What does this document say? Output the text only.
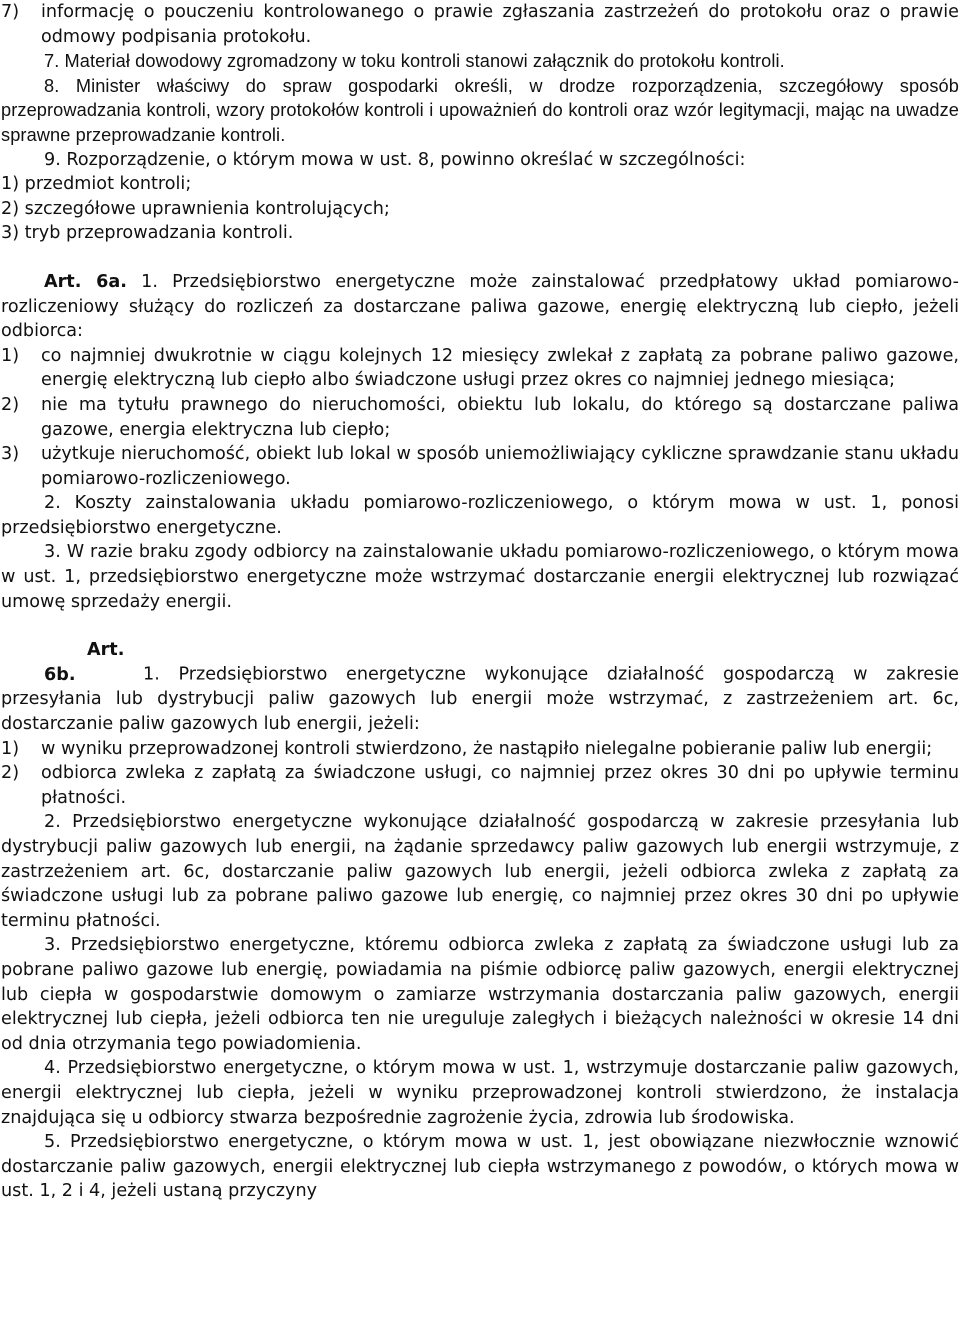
7)	informację o pouczeniu kontrolowanego o prawie zgłaszania zastrzeżeń do protokołu oraz o prawie odmowy podpisania protokołu.

7. Materiał dowodowy zgromadzony w toku kontroli stanowi załącznik do protokołu kontroli.

8. Minister właściwy do spraw gospodarki określi, w drodze rozporządzenia, szczegółowy sposób przeprowadzania kontroli, wzory protokołów kontroli i upoważnień do kontroli oraz wzór legitymacji, mając na uwadze sprawne przeprowadzanie kontroli.

9. Rozporządzenie, o którym mowa w ust. 8, powinno określać w szczególności:

1) przedmiot kontroli;

2) szczegółowe uprawnienia kontrolujących;

3) tryb przeprowadzania kontroli.

Art. 6a. 1. Przedsiębiorstwo energetyczne może zainstalować przedpłatowy układ pomiarowo-rozliczeniowy służący do rozliczeń za dostarczane paliwa gazowe, energię elektryczną lub ciepło, jeżeli odbiorca:

1)	co najmniej dwukrotnie w ciągu kolejnych 12 miesięcy zwlekał z zapłatą za pobrane paliwo gazowe, energię elektryczną lub ciepło albo świadczone usługi przez okres co najmniej jednego miesiąca;
2)	nie ma tytułu prawnego do nieruchomości, obiektu lub lokalu, do którego są dostarczane paliwa gazowe, energia elektryczna lub ciepło;
3)	użytkuje nieruchomość, obiekt lub lokal w sposób uniemożliwiający cykliczne sprawdzanie stanu układu pomiarowo-rozliczeniowego.

2. Koszty zainstalowania układu pomiarowo-rozliczeniowego, o którym mowa w ust. 1, ponosi przedsiębiorstwo energetyczne.

3. W razie braku zgody odbiorcy na zainstalowanie układu pomiarowo-rozliczeniowego, o którym mowa w ust. 1, przedsiębiorstwo energetyczne może wstrzymać dostarczanie energii elektrycznej lub rozwiązać umowę sprzedaży energii.

Art. 6b.	1. Przedsiębiorstwo energetyczne wykonujące działalność gospodarczą w zakresie przesyłania lub dystrybucji paliw gazowych lub energii może wstrzymać, z zastrzeżeniem art. 6c, dostarczanie paliw gazowych lub energii, jeżeli:

1)	w wyniku przeprowadzonej kontroli stwierdzono, że nastąpiło nielegalne pobieranie paliw lub energii;
2)	odbiorca zwleka z zapłatą za świadczone usługi, co najmniej przez okres 30 dni po upływie terminu płatności.

2. Przedsiębiorstwo energetyczne wykonujące działalność gospodarczą w zakresie przesyłania lub dystrybucji paliw gazowych lub energii, na żądanie sprzedawcy paliw gazowych lub energii wstrzymuje, z zastrzeżeniem art. 6c, dostarczanie paliw gazowych lub energii, jeżeli odbiorca zwleka z zapłatą za świadczone usługi lub za pobrane paliwo gazowe lub energię, co najmniej przez okres 30 dni po upływie terminu płatności.

3. Przedsiębiorstwo energetyczne, któremu odbiorca zwleka z zapłatą za świadczone usługi lub za pobrane paliwo gazowe lub energię, powiadamia na piśmie odbiorcę paliw gazowych, energii elektrycznej lub ciepła w gospodarstwie domowym o zamiarze wstrzymania dostarczania paliw gazowych, energii elektrycznej lub ciepła, jeżeli odbiorca ten nie ureguluje zaległych i bieżących należności w okresie 14 dni od dnia otrzymania tego powiadomienia.

4. Przedsiębiorstwo energetyczne, o którym mowa w ust. 1, wstrzymuje dostarczanie paliw gazowych, energii elektrycznej lub ciepła, jeżeli w wyniku przeprowadzonej kontroli stwierdzono, że instalacja znajdująca się u odbiorcy stwarza bezpośrednie zagrożenie życia, zdrowia lub środowiska.

5. Przedsiębiorstwo energetyczne, o którym mowa w ust. 1, jest obowiązane niezwłocznie wznowić dostarczanie paliw gazowych, energii elektrycznej lub ciepła wstrzymanego z powodów, o których mowa w ust. 1, 2 i 4, jeżeli ustaną przyczyny
